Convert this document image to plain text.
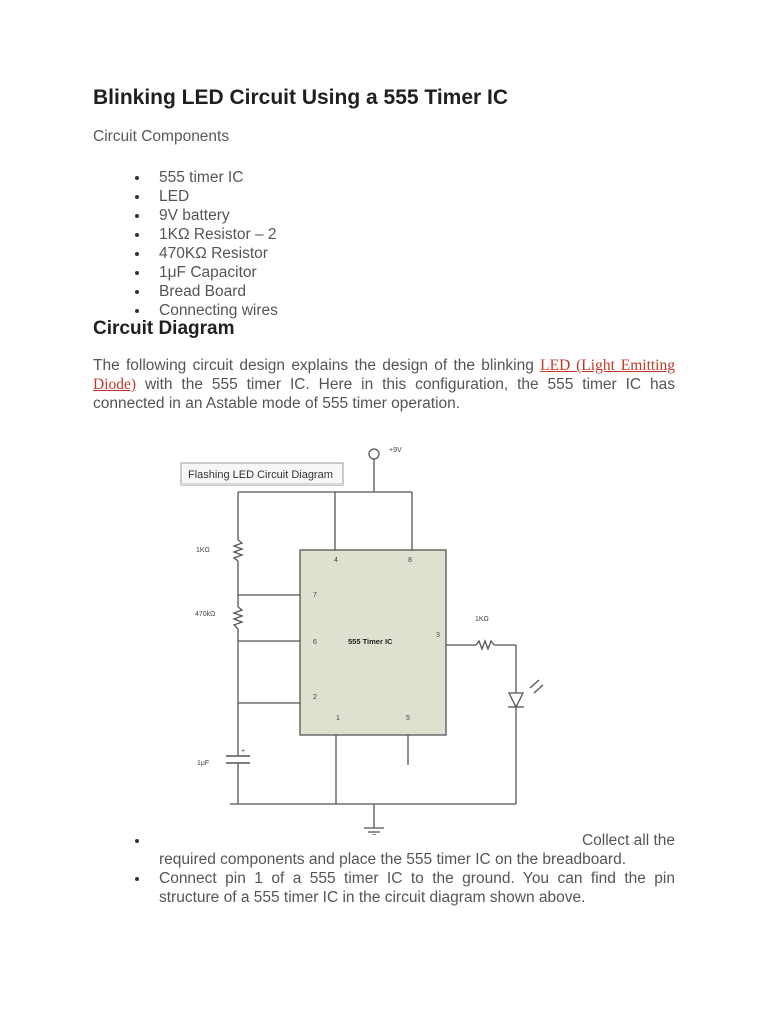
Blinking LED Circuit Using a 555 Timer IC

Circuit Components

555 timer IC
LED
9V battery
1KΩ Resistor – 2
470KΩ Resistor
1μF Capacitor
Bread Board
Connecting wires
Circuit Diagram

The following circuit design explains the design of the blinking LED (Light Emitting Diode) with the 555 timer IC. Here in this configuration, the 555 timer IC has connected in an Astable mode of 555 timer operation.

Flashing LED Circuit Diagram
+9V
1KΩ
470kΩ
1KΩ
1μF
+
555 Timer IC
4	8
7
6
3
2
1	5
Collect all the
required components and place the 555 timer IC on the breadboard.
Connect pin 1 of a 555 timer IC to the ground. You can find the pin structure of a 555 timer IC in the circuit diagram shown above.
